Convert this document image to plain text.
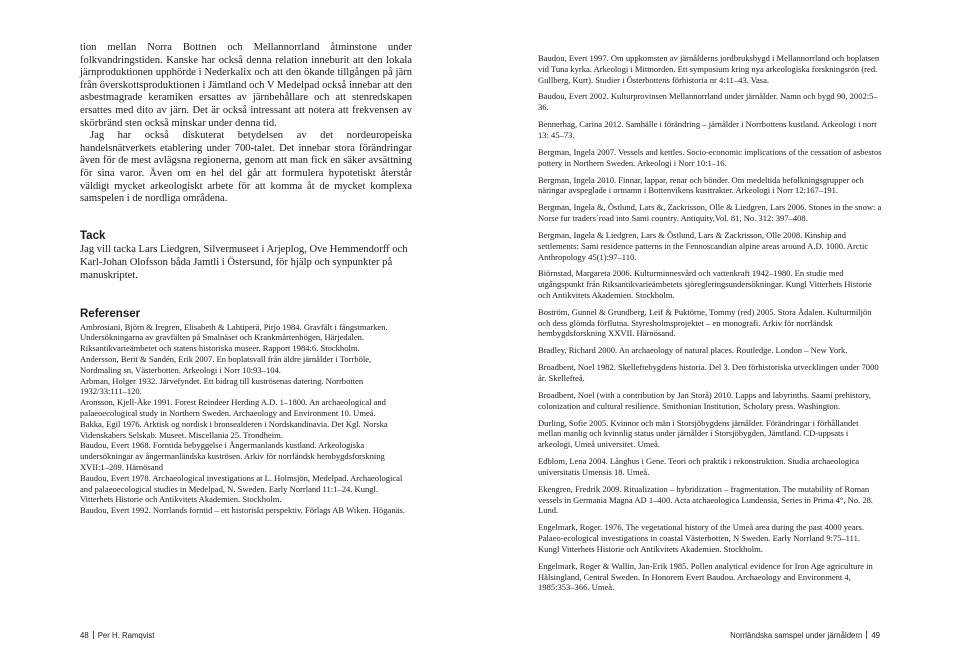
tion mellan Norra Bottnen och Mellannorrland åtminstone under folkvandringstiden. Kanske har också denna relation inneburit att den lokala järnproduktionen upphörde i Nederkalix och att den ökande tillgången på järn från överskottsproduktionen i Jämtland och V Medelpad också innebar att den asbestmagrade keramiken ersattes av järnbehållare och att stenredskapen ersattes med dito av järn. Det är också intressant att notera att frekvensen av skörbränd sten också minskar under denna tid.

Jag har också diskuterat betydelsen av det nordeuropeiska handelsnätverkets etablering under 700-talet. Det innebar stora förändringar även för de mest avlägsna regionerna, genom att man fick en säker avsättning för sina varor. Även om en hel del går att formulera hypotetiskt återstår väldigt mycket arkeologiskt arbete för att komma åt de mycket komplexa samspelen i de nordliga områdena.

Tack

Jag vill tacka Lars Liedgren, Silvermuseet i Arjeplog, Ove Hemmendorff och Karl-Johan Olofsson båda Jamtli i Östersund, för hjälp och synpunkter på manuskriptet.

Referenser

Ambrosiani, Björn & Iregren, Elisabeth & Lahtiperä, Pirjo 1984. Gravfält i fångstmarken. Undersökningarna av gravfälten på Smalnäset och Krankmårtenhögen, Härjedalen. Riksantikvarieämbetet och statens historiska museer. Rapport 1984:6. Stockholm.

Andersson, Berit & Sandén, Erik 2007. En boplatsvall från äldre järnålder i Torrböle, Nordmaling sn, Västerbotten. Arkeologi i Norr 10:93–104.

Arbman, Holger 1932. Järvefyndet. Ett bidrag till kuströsenas datering. Norrbotten 1932/33:111–120.

Aronsson, Kjell-Åke 1991. Forest Reindeer Herding A.D. 1–1800. An archaeological and palaeoecological study in Northern Sweden. Archaeology and Environment 10. Umeå.

Bakka, Egil 1976. Arktisk og nordisk i bronsealderen i Nordskandinavia. Det Kgl. Norska Videnskabers Selskab. Museet. Miscellania 25. Trondheim.

Baudou, Evert 1968. Forntida bebyggelse i Ångermanlands kustland. Arkeologiska undersökningar av ångermanländska kuströsen. Arkiv för norrländsk hembygdsforskning XVII:1–209. Härnösand

Baudou, Evert 1978. Archaeological investigations at L. Holmsjön, Medelpad. Archaeological and palaeoecological studies in Medelpad, N. Sweden. Early Norrland 11:1–24. Kungl. Vitterhets Historie och Antikvitets Akademien. Stockholm.

Baudou, Evert 1992. Norrlands forntid – ett historiskt perspektiv. Förlags AB Wiken. Höganäs.

48 Per H. Ramqvist

Baudou, Evert 1997. Om uppkomsten av järnålderns jordbruksbygd i Mellannorrland och boplatsen vid Tuna kyrka. Arkeologi i Mittnorden. Ett symposium kring nya arkeologiska forskningsrön (red. Gullberg, Kurt). Studier i Österbottens förhistoria nr 4:11–43. Vasa.

Baudou, Evert 2002. Kulturprovinsen Mellannorrland under järnålder. Namn och bygd 90, 2002:5–36.

Bennerhag, Carina 2012. Samhälle i förändring – järnålder i Norrbottens kustland. Arkeologi i norr 13: 45–73.

Bergman, Ingela 2007. Vessels and kettles. Socio-economic implications of the cessation of asbestos pottery in Northern Sweden. Arkeologi i Norr 10:1–16.

Bergman, Ingela 2010. Finnar, lappar, renar och bönder. Om medeltida befolkningsgrupper och näringar avspeglade i ortnamn i Bottenvikens kusttrakter. Arkeologi i Norr 12:167–191.

Bergman, Ingela &, Östlund, Lars &, Zackrisson, Olle & Liedgren, Lars 2006. Stones in the snow: a Norse fur traders´road into Sami country. Antiquity,Vol. 81, No. 312: 397–408.

Bergman, Ingela & Liedgren, Lars & Östlund, Lars & Zackrisson, Olle 2008. Kinship and settlements: Sami residence patterns in the Fennoscandian alpine areas around A.D. 1000. Arctic Anthropology 45(1):97–110.

Biörnstad, Margareta 2006. Kulturminnesvård och vattenkraft 1942–1980. En studie med utgångspunkt från Riksantikvarieämbetets sjöregleringsundersökningar. Kungl Vitterhets Historie och Antikvitets Akademien. Stockholm.

Boström, Gunnel & Grundberg, Leif & Puktörne, Tommy (red) 2005. Stora Ådalen. Kulturmiljön och dess glömda förflutna. Styresholmsprojektet – en monografi. Arkiv för norrländsk hembygdsforskning XXVII. Härnösand.

Bradley, Richard 2000. An archaeology of natural places. Routledge. London – New York.

Broadbent, Noel 1982. Skelleftebygdens historia. Del 3. Den förhistoriska utvecklingen under 7000 år. Skellefteå.

Broadbent, Noel (with a contribution by Jan Storå) 2010. Lapps and labyrinths. Saami prehistory, colonization and cultural resilience. Smithonian Institution, Scholary press. Washington.

Durling, Sofie 2005. Kvinnor och män i Storsjöbygdens järnålder. Förändringar i förhållandet mellan manlig och kvinnlig status under järnålder i Storsjöbygden, Jämtland. CD-uppsats i arkeologi, Umeå universitet. Umeå.

Edblom, Lena 2004. Långhus i Gene. Teori och praktik i rekonstruktion. Studia archaeologica universitatis Umensis 18. Umeå.

Ekengren, Fredrik 2009. Ritualization – hybridization – fragmentation. The mutability of Roman vessels in Germania Magna AD 1–400. Acta atchaeologica Lundensia, Series in Prima 4°, No. 28. Lund.

Engelmark, Roger. 1976. The vegetational history of the Umeå area during the past 4000 years. Palaeo-ecological investigations in coastal Västerbotten, N Sweden. Early Norrland 9:75–111. Kungl Vitterhets Historie och Antikvitets Akademien. Stockholm.

Engelmark, Roger & Wallin, Jan-Erik 1985. Pollen analytical evidence for Iron Age agriculture in Hälsingland, Central Sweden. In Honorem Evert Baudou. Archaeology and Environment 4, 1985:353–366. Umeå.

Norrländska samspel under järnåldern 49
